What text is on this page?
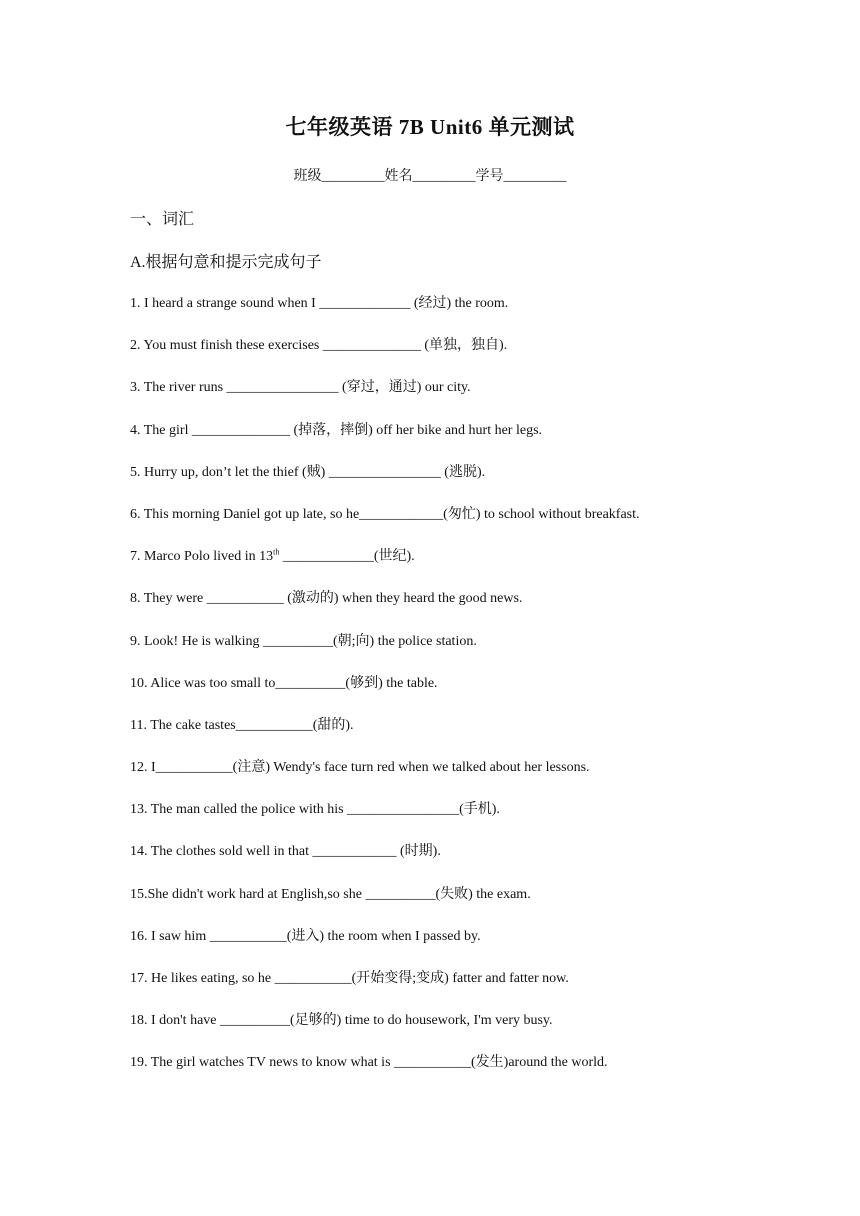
七年级英语 7B Unit6 单元测试
班级_________姓名_________学号_________
一、词汇
A.根据句意和提示完成句子
1. I heard a strange sound when I _____________ (经过) the room.
2. You must finish these exercises ______________ (单独，独自).
3. The river runs ________________ (穿过，通过) our city.
4. The girl ______________ (掉落，摔倒) off her bike and hurt her legs.
5. Hurry up, don’t let the thief (贼) ________________ (逃脱).
6. This morning Daniel got up late, so he____________(匆忙) to school without breakfast.
7. Marco Polo lived in 13th _____________(世纪).
8. They were ___________ (激动的) when they heard the good news.
9. Look! He is walking __________(朝;向) the police station.
10. Alice was too small to__________(够到) the table.
11. The cake tastes___________(甜的).
12. I___________(注意) Wendy's face turn red when we talked about her lessons.
13. The man called the police with his ________________(手机).
14. The clothes sold well in that ____________ (时期).
15.She didn't work hard at English,so she __________(失败) the exam.
16. I saw him ___________(进入) the room when I passed by.
17. He likes eating, so he ___________(开始变得;变成) fatter and fatter now.
18. I don't have __________(足够的) time to do housework, I'm very busy.
19. The girl watches TV news to know what is ___________(发生)around the world.
